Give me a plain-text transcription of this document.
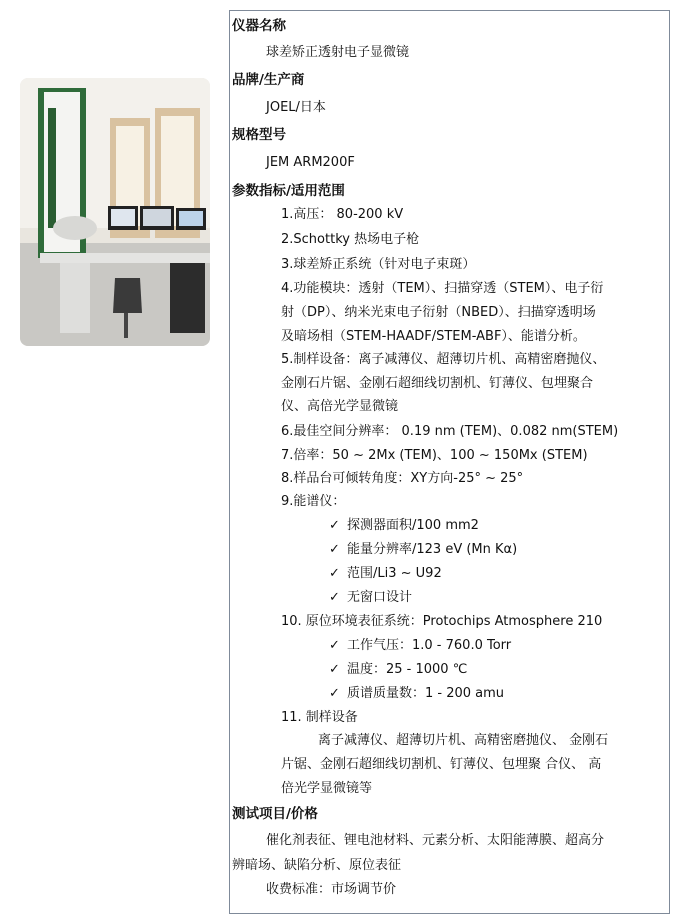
仪器名称
球差矫正透射电子显微镜
品牌/生产商
JOEL/日本
规格型号
JEM ARM200F
参数指标/适用范围
1.高压： 80-200 kV
2.Schottky 热场电子枪
3.球差矫正系统（针对电子束斑）
4.功能模块：透射（TEM）、扫描穿透（STEM）、电子衍
射（DP）、纳米光束电子衍射（NBED）、扫描穿透明场
及暗场相（STEM-HAADF/STEM-ABF）、能谱分析。
5.制样设备：离子减薄仪、超薄切片机、高精密磨抛仪、
金刚石片锯、金刚石超细线切割机、钉薄仪、包埋聚合
仪、高倍光学显微镜
6.最佳空间分辨率： 0.19 nm (TEM)、0.082 nm(STEM)
7.倍率：50 ~ 2Mx (TEM)、100 ~ 150Mx (STEM)
8.样品台可倾转角度：XY方向-25° ~ 25°
9.能谱仪：
✓ 探测器面积/100 mm2
✓ 能量分辨率/123 eV (Mn Kα)
✓ 范围/Li3 ~ U92
✓ 无窗口设计
10. 原位环境表征系统：Protochips Atmosphere 210
✓ 工作气压：1.0 - 760.0 Torr
✓ 温度：25 - 1000 ℃
✓ 质谱质量数：1 - 200 amu
11. 制样设备
离子减薄仪、超薄切片机、高精密磨抛仪、 金刚石
片锯、金刚石超细线切割机、钉薄仪、包埋聚 合仪、 高
倍光学显微镜等
测试项目/价格
催化剂表征、锂电池材料、元素分析、太阳能薄膜、超高分
辨暗场、缺陷分析、原位表征
收费标准：市场调节价
